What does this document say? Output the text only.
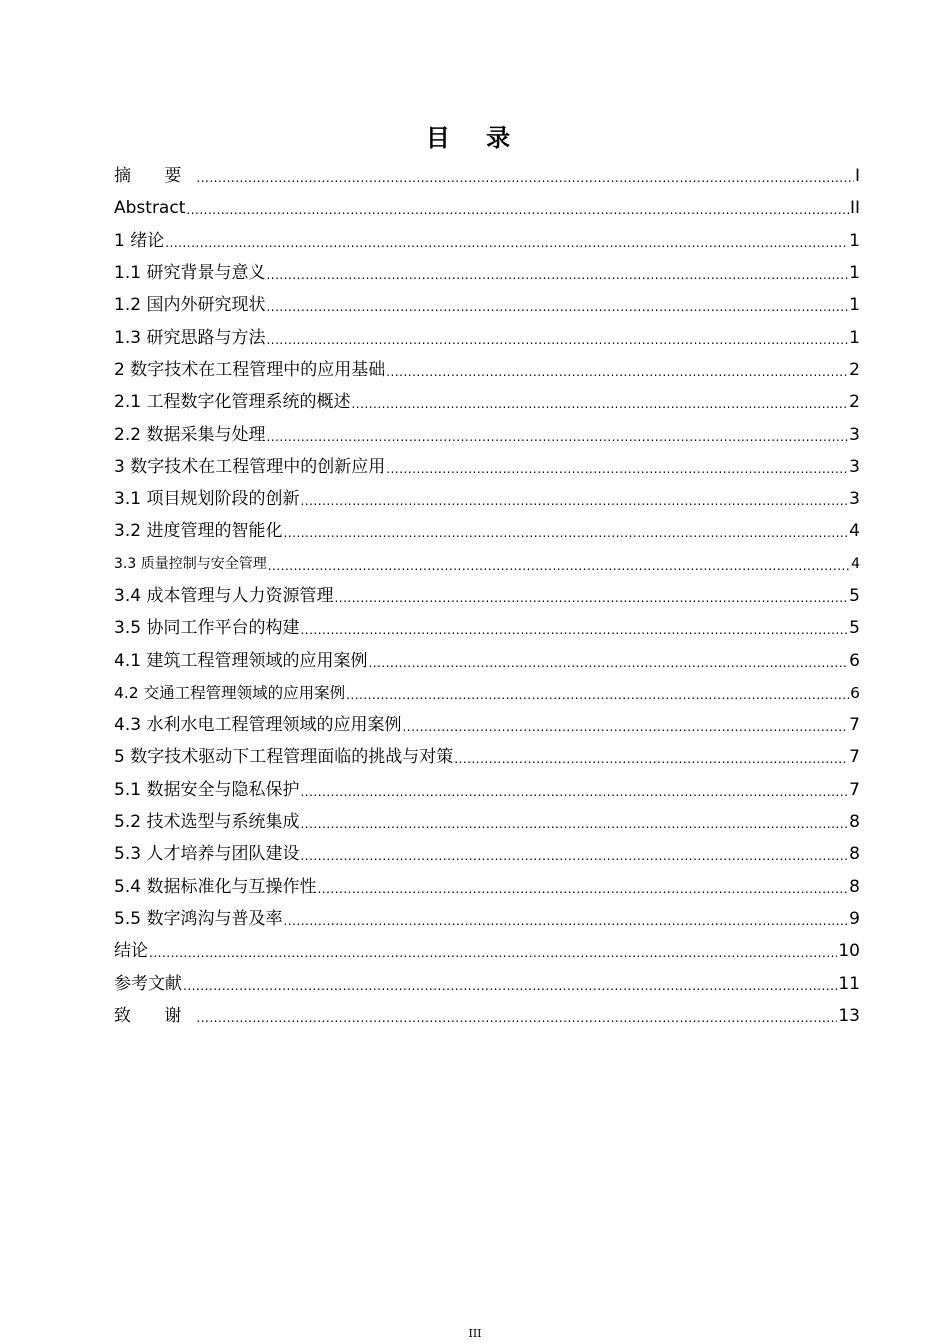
目 录
摘 要 .....	I
Abstract .....	II
1 绪论 .....	1
1.1 研究背景与意义 .....	1
1.2 国内外研究现状 .....	1
1.3 研究思路与方法 .....	1
2 数字技术在工程管理中的应用基础 .....	2
2.1 工程数字化管理系统的概述 .....	2
2.2 数据采集与处理 .....	3
3 数字技术在工程管理中的创新应用 .....	3
3.1 项目规划阶段的创新 .....	3
3.2 进度管理的智能化 .....	4
3.3 质量控制与安全管理 .....	4
3.4 成本管理与人力资源管理 .....	5
3.5 协同工作平台的构建 .....	5
4.1 建筑工程管理领域的应用案例 .....	6
4.2 交通工程管理领域的应用案例 .....	6
4.3 水利水电工程管理领域的应用案例 .....	7
5 数字技术驱动下工程管理面临的挑战与对策 .....	7
5.1 数据安全与隐私保护 .....	7
5.2 技术选型与系统集成 .....	8
5.3 人才培养与团队建设 .....	8
5.4 数据标准化与互操作性 .....	8
5.5 数字鸿沟与普及率 .....	9
结论 .....	10
参考文献 .....	11
致 谢 .....	13
III
